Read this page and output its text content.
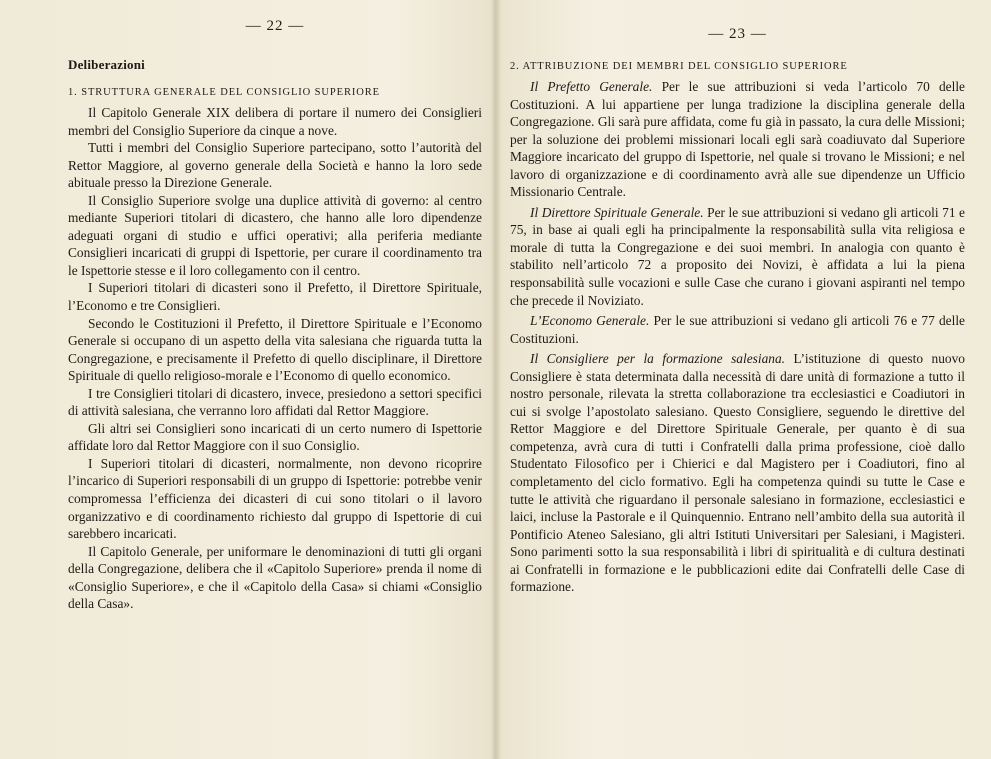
— 22 —
Deliberazioni
1. STRUTTURA GENERALE DEL CONSIGLIO SUPERIORE

Il Capitolo Generale XIX delibera di portare il numero dei Consiglieri membri del Consiglio Superiore da cinque a nove.

Tutti i membri del Consiglio Superiore partecipano, sotto l’autorità del Rettor Maggiore, al governo generale della Società e hanno la loro sede abituale presso la Direzione Generale.

Il Consiglio Superiore svolge una duplice attività di governo: al centro mediante Superiori titolari di dicastero, che hanno alle loro dipendenze adeguati organi di studio e uffici operativi; alla periferia mediante Consiglieri incaricati di gruppi di Ispettorie, per curare il coordinamento tra le Ispettorie stesse e il loro collegamento con il centro.

I Superiori titolari di dicasteri sono il Prefetto, il Direttore Spirituale, l’Economo e tre Consiglieri.

Secondo le Costituzioni il Prefetto, il Direttore Spirituale e l’Economo Generale si occupano di un aspetto della vita salesiana che riguarda tutta la Congregazione, e precisamente il Prefetto di quello disciplinare, il Direttore Spirituale di quello religioso-morale e l’Economo di quello economico.

I tre Consiglieri titolari di dicastero, invece, presiedono a settori specifici di attività salesiana, che verranno loro affidati dal Rettor Maggiore.

Gli altri sei Consiglieri sono incaricati di un certo numero di Ispettorie affidate loro dal Rettor Maggiore con il suo Consiglio.

I Superiori titolari di dicasteri, normalmente, non devono ricoprire l’incarico di Superiori responsabili di un gruppo di Ispettorie: potrebbe venir compromessa l’efficienza dei dicasteri di cui sono titolari o il lavoro organizzativo e di coordinamento richiesto dal gruppo di Ispettorie di cui sarebbero incaricati.

Il Capitolo Generale, per uniformare le denominazioni di tutti gli organi della Congregazione, delibera che il «Capitolo Superiore» prenda il nome di «Consiglio Superiore», e che il «Capitolo della Casa» si chiami «Consiglio della Casa».

— 23 —
2. ATTRIBUZIONE DEI MEMBRI DEL CONSIGLIO SUPERIORE

Il Prefetto Generale. Per le sue attribuzioni si veda l’articolo 70 delle Costituzioni. A lui appartiene per lunga tradizione la disciplina generale della Congregazione. Gli sarà pure affidata, come fu già in passato, la cura delle Missioni; per la soluzione dei problemi missionari locali egli sarà coadiuvato dal Superiore Maggiore incaricato del gruppo di Ispettorie, nel quale si trovano le Missioni; e nel lavoro di organizzazione e di coordinamento avrà alle sue dipendenze un Ufficio Missionario Centrale.

Il Direttore Spirituale Generale. Per le sue attribuzioni si vedano gli articoli 71 e 75, in base ai quali egli ha principalmente la responsabilità sulla vita religiosa e morale di tutta la Congregazione e dei suoi membri. In analogia con quanto è stabilito nell’articolo 72 a proposito dei Novizi, è affidata a lui la piena responsabilità sulle vocazioni e sulle Case che curano i giovani aspiranti nel tempo che precede il Noviziato.

L’Economo Generale. Per le sue attribuzioni si vedano gli articoli 76 e 77 delle Costituzioni.

Il Consigliere per la formazione salesiana. L’istituzione di questo nuovo Consigliere è stata determinata dalla necessità di dare unità di formazione a tutto il nostro personale, rilevata la stretta collaborazione tra ecclesiastici e Coadiutori in cui si svolge l’apostolato salesiano. Questo Consigliere, seguendo le direttive del Rettor Maggiore e del Direttore Spirituale Generale, per quanto è di sua competenza, avrà cura di tutti i Confratelli dalla prima professione, cioè dallo Studentato Filosofico per i Chierici e dal Magistero per i Coadiutori, fino al completamento del ciclo formativo. Egli ha competenza quindi su tutte le Case e tutte le attività che riguardano il personale salesiano in formazione, ecclesiastici e laici, incluse la Pastorale e il Quinquennio. Entrano nell’ambito della sua autorità il Pontificio Ateneo Salesiano, gli altri Istituti Universitari per Salesiani, i Magisteri. Sono parimenti sotto la sua responsabilità i libri di spiritualità e di cultura destinati ai Confratelli in formazione e le pubblicazioni edite dai Confratelli delle Case di formazione.
